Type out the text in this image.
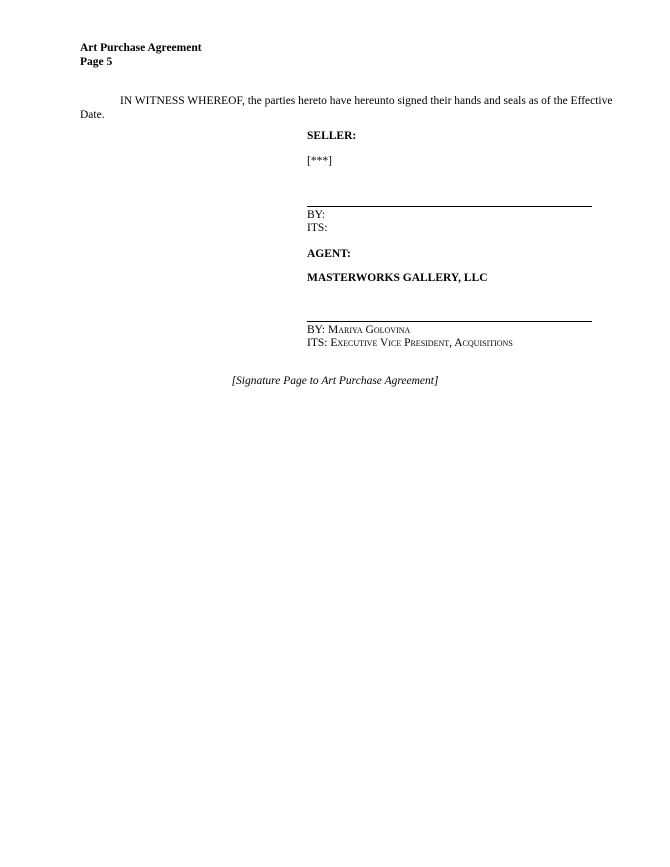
Art Purchase Agreement
Page 5
IN WITNESS WHEREOF, the parties hereto have hereunto signed their hands and seals as of the Effective
Date.
SELLER:
[***]
BY:
ITS:
AGENT:
MASTERWORKS GALLERY, LLC
BY: Mariya Golovina
ITS: Executive Vice President, Acquisitions
[Signature Page to Art Purchase Agreement]
